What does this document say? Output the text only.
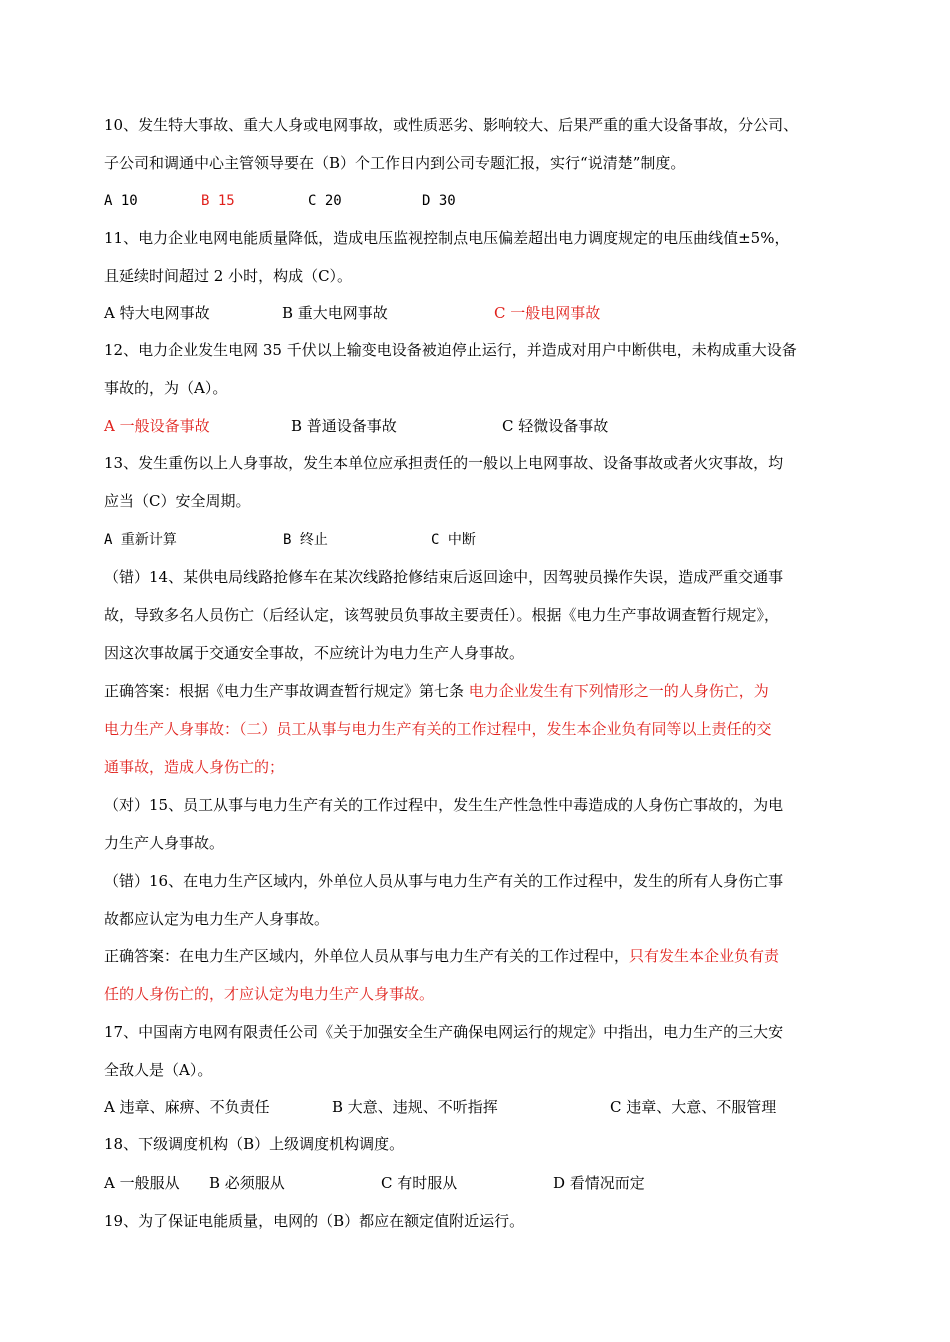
10、发生特大事故、重大人身或电网事故，或性质恶劣、影响较大、后果严重的重大设备事故，分公司、
子公司和调通中心主管领导要在（B）个工作日内到公司专题汇报，实行“说清楚”制度。
A 10	B 15	C 20	D 30
11、电力企业电网电能质量降低，造成电压监视控制点电压偏差超出电力调度规定的电压曲线值±5%，
且延续时间超过 2 小时，构成（C）。
A 特大电网事故	B 重大电网事故	C 一般电网事故
12、电力企业发生电网 35 千伏以上输变电设备被迫停止运行，并造成对用户中断供电，未构成重大设备
事故的，为（A）。
A 一般设备事故	B 普通设备事故	C 轻微设备事故
13、发生重伤以上人身事故，发生本单位应承担责任的一般以上电网事故、设备事故或者火灾事故，均
应当（C）安全周期。
A 重新计算	B 终止	C 中断
（错）14、某供电局线路抢修车在某次线路抢修结束后返回途中，因驾驶员操作失误，造成严重交通事
故，导致多名人员伤亡（后经认定，该驾驶员负事故主要责任）。根据《电力生产事故调查暂行规定》，
因这次事故属于交通安全事故，不应统计为电力生产人身事故。
正确答案：根据《电力生产事故调查暂行规定》第七条 电力企业发生有下列情形之一的人身伤亡，为
电力生产人身事故：（二）员工从事与电力生产有关的工作过程中，发生本企业负有同等以上责任的交
通事故，造成人身伤亡的；
（对）15、员工从事与电力生产有关的工作过程中，发生生产性急性中毒造成的人身伤亡事故的，为电
力生产人身事故。
（错）16、在电力生产区域内，外单位人员从事与电力生产有关的工作过程中，发生的所有人身伤亡事
故都应认定为电力生产人身事故。
正确答案：在电力生产区域内，外单位人员从事与电力生产有关的工作过程中，只有发生本企业负有责
任的人身伤亡的，才应认定为电力生产人身事故。
17、中国南方电网有限责任公司《关于加强安全生产确保电网运行的规定》中指出，电力生产的三大安
全敌人是（A）。
A 违章、麻痹、不负责任	B 大意、违规、不听指挥	C 违章、大意、不服管理
18、下级调度机构（B）上级调度机构调度。
A 一般服从 B 必须服从	C 有时服从	D 看情况而定
19、为了保证电能质量，电网的（B）都应在额定值附近运行。
